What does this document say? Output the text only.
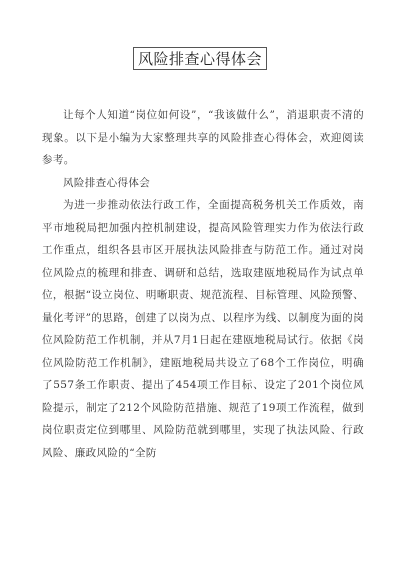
风险排查心得体会

让每个人知道“岗位如何设”，“我该做什么”，消退职责不清的现象。以下是小编为大家整理共享的风险排查心得体会，欢迎阅读参考。

风险排查心得体会

为进一步推动依法行政工作，全面提高税务机关工作质效，南平市地税局把加强内控机制建设，提高风险管理实力作为依法行政工作重点，组织各县市区开展执法风险排查与防范工作。通过对岗位风险点的梳理和排查、调研和总结，选取建瓯地税局作为试点单位，根据“设立岗位、明晰职责、规范流程、目标管理、风险预警、量化考评”的思路，创建了以岗为点、以程序为线、以制度为面的岗位风险防范工作机制，并从7月1日起在建瓯地税局试行。依据《岗位风险防范工作机制》，建瓯地税局共设立了68个工作岗位，明确了557条工作职责、提出了454项工作目标、设定了201个岗位风险提示，制定了212个风险防范措施、规范了19项工作流程，做到岗位职责定位到哪里、风险防范就到哪里，实现了执法风险、行政风险、廉政风险的“全防
